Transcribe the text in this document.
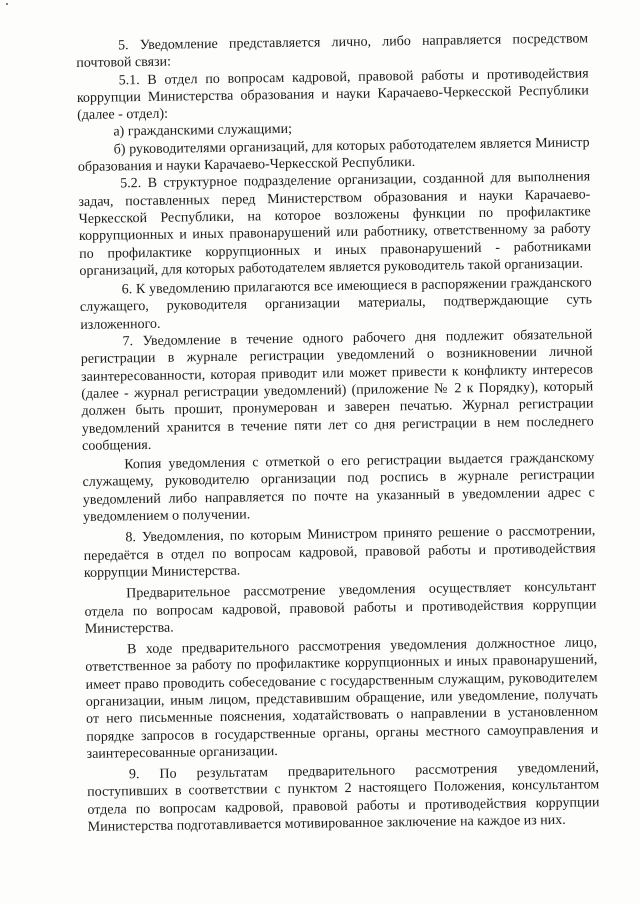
5. Уведомление представляется лично, либо направляется посредством почтовой связи:

5.1. В отдел по вопросам кадровой, правовой работы и противодействия коррупции Министерства образования и науки Карачаево-Черкесской Республики (далее - отдел):

а) гражданскими служащими;

б) руководителями организаций, для которых работодателем является Министр образования и науки Карачаево-Черкесской Республики.

5.2. В структурное подразделение организации, созданной для выполнения задач, поставленных перед Министерством образования и науки Карачаево-Черкесской Республики, на которое возложены функции по профилактике коррупционных и иных правонарушений или работнику, ответственному за работу по профилактике коррупционных и иных правонарушений - работниками организаций, для которых работодателем является руководитель такой организации.

6. К уведомлению прилагаются все имеющиеся в распоряжении гражданского служащего, руководителя организации материалы, подтверждающие суть изложенного.

7. Уведомление в течение одного рабочего дня подлежит обязательной регистрации в журнале регистрации уведомлений о возникновении личной заинтересованности, которая приводит или может привести к конфликту интересов (далее - журнал регистрации уведомлений) (приложение № 2 к Порядку), который должен быть прошит, пронумерован и заверен печатью. Журнал регистрации уведомлений хранится в течение пяти лет со дня регистрации в нем последнего сообщения.

Копия уведомления с отметкой о его регистрации выдается гражданскому служащему, руководителю организации под роспись в журнале регистрации уведомлений либо направляется по почте на указанный в уведомлении адрес с уведомлением о получении.

8. Уведомления, по которым Министром принято решение о рассмотрении, передаётся в отдел по вопросам кадровой, правовой работы и противодействия коррупции Министерства.

Предварительное рассмотрение уведомления осуществляет консультант отдела по вопросам кадровой, правовой работы и противодействия коррупции Министерства.

В ходе предварительного рассмотрения уведомления должностное лицо, ответственное за работу по профилактике коррупционных и иных правонарушений, имеет право проводить собеседование с государственным служащим, руководителем организации, иным лицом, представившим обращение, или уведомление, получать от него письменные пояснения, ходатайствовать о направлении в установленном порядке запросов в государственные органы, органы местного самоуправления и заинтересованные организации.

9. По результатам предварительного рассмотрения уведомлений, поступивших в соответствии с пунктом 2 настоящего Положения, консультантом отдела по вопросам кадровой, правовой работы и противодействия коррупции Министерства подготавливается мотивированное заключение на каждое из них.
